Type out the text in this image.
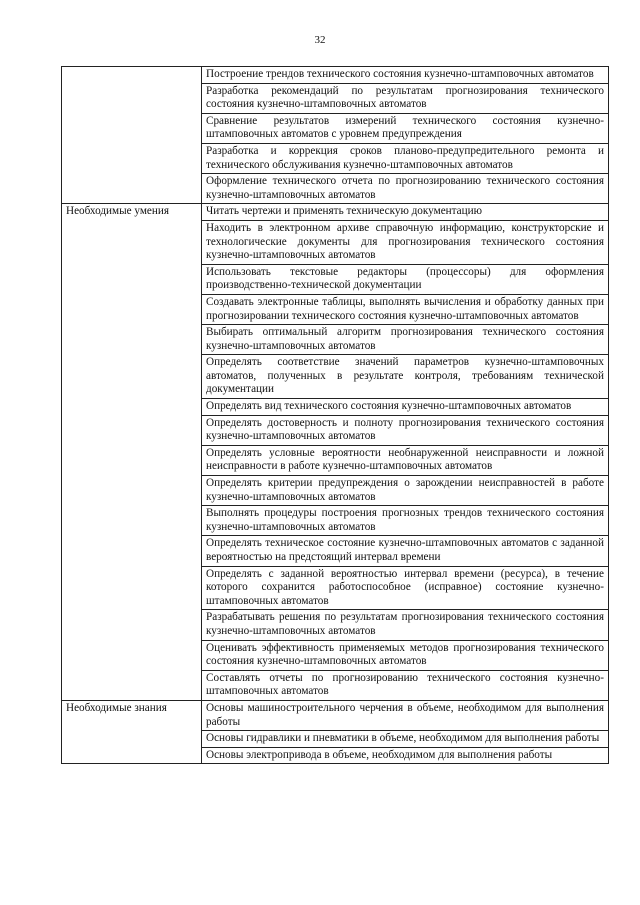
32
	Построение трендов технического состояния кузнечно-штамповочных автоматов
	Разработка рекомендаций по результатам прогнозирования технического состояния кузнечно-штамповочных автоматов
	Сравнение результатов измерений технического состояния кузнечно-штамповочных автоматов с уровнем предупреждения
	Разработка и коррекция сроков планово-предупредительного ремонта и технического обслуживания кузнечно-штамповочных автоматов
	Оформление технического отчета по прогнозированию технического состояния кузнечно-штамповочных автоматов
Необходимые умения	Читать чертежи и применять техническую документацию
	Находить в электронном архиве справочную информацию, конструкторские и технологические документы для прогнозирования технического состояния кузнечно-штамповочных автоматов
	Использовать текстовые редакторы (процессоры) для оформления производственно-технической документации
	Создавать электронные таблицы, выполнять вычисления и обработку данных при прогнозировании технического состояния кузнечно-штамповочных автоматов
	Выбирать оптимальный алгоритм прогнозирования технического состояния кузнечно-штамповочных автоматов
	Определять соответствие значений параметров кузнечно-штамповочных автоматов, полученных в результате контроля, требованиям технической документации
	Определять вид технического состояния кузнечно-штамповочных автоматов
	Определять достоверность и полноту прогнозирования технического состояния кузнечно-штамповочных автоматов
	Определять условные вероятности необнаруженной неисправности и ложной неисправности в работе кузнечно-штамповочных автоматов
	Определять критерии предупреждения о зарождении неисправностей в работе кузнечно-штамповочных автоматов
	Выполнять процедуры построения прогнозных трендов технического состояния кузнечно-штамповочных автоматов
	Определять техническое состояние кузнечно-штамповочных автоматов с заданной вероятностью на предстоящий интервал времени
	Определять с заданной вероятностью интервал времени (ресурса), в течение которого сохранится работоспособное (исправное) состояние кузнечно-штамповочных автоматов
	Разрабатывать решения по результатам прогнозирования технического состояния кузнечно-штамповочных автоматов
	Оценивать эффективность применяемых методов прогнозирования технического состояния кузнечно-штамповочных автоматов
	Составлять отчеты по прогнозированию технического состояния кузнечно-штамповочных автоматов
Необходимые знания	Основы машиностроительного черчения в объеме, необходимом для выполнения работы
	Основы гидравлики и пневматики в объеме, необходимом для выполнения работы
	Основы электропривода в объеме, необходимом для выполнения работы
